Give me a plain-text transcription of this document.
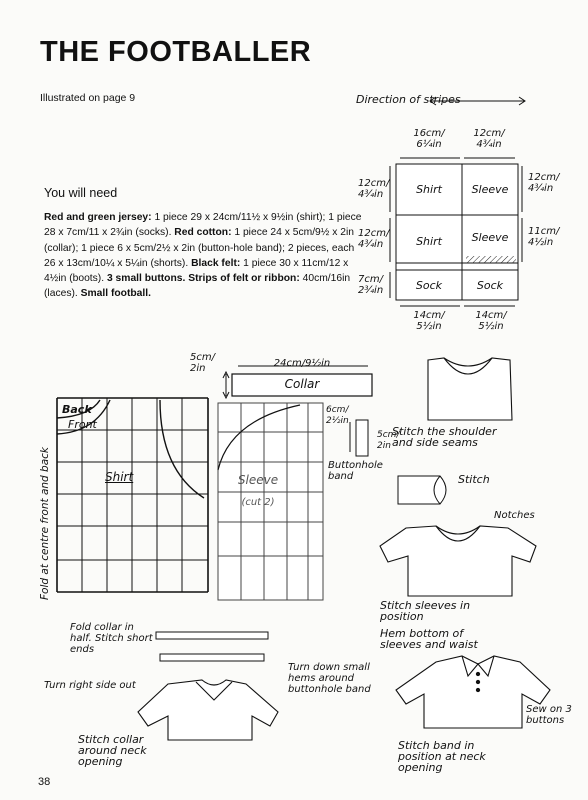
THE FOOTBALLER
Illustrated on page 9
You will need
Red and green jersey: 1 piece 29 x 24cm/11½ x 9½in (shirt); 1 piece 28 x 7cm/11 x 2¾in (socks). Red cotton: 1 piece 24 x 5cm/9½ x 2in (collar); 1 piece 6 x 5cm/2½ x 2in (button-hole band); 2 pieces, each 26 x 13cm/10¼ x 5¼in (shorts). Black felt: 1 piece 30 x 11cm/12 x 4½in (boots). 3 small buttons. Strips of felt or ribbon: 40cm/16in (laces). Small football.
Direction of stripes
16cm/ 6¼in
12cm/ 4¾in
12cm/ 4¾in
12cm/ 4¾in
7cm/ 2¾in
12cm/ 4¾in
11cm/ 4½in
14cm/ 5½in
14cm/ 5½in
Shirt	Sleeve
Shirt	Sleeve
Sock	Sock
5cm/ 2in	24cm/9½in
Collar
Back
Front
Shirt
Fold at centre front and back	Sleeve
(cut 2)
6cm/ 2½in
5cm/ 2in
Buttonhole band
Stitch the shoulder and side seams
Stitch
Notches
Stitch sleeves in position
Hem bottom of sleeves and waist
Fold collar in half. Stitch short ends
Turn right side out
Turn down small hems around buttonhole band
Stitch collar around neck opening
Stitch band in position at neck opening
Sew on 3 buttons
38
